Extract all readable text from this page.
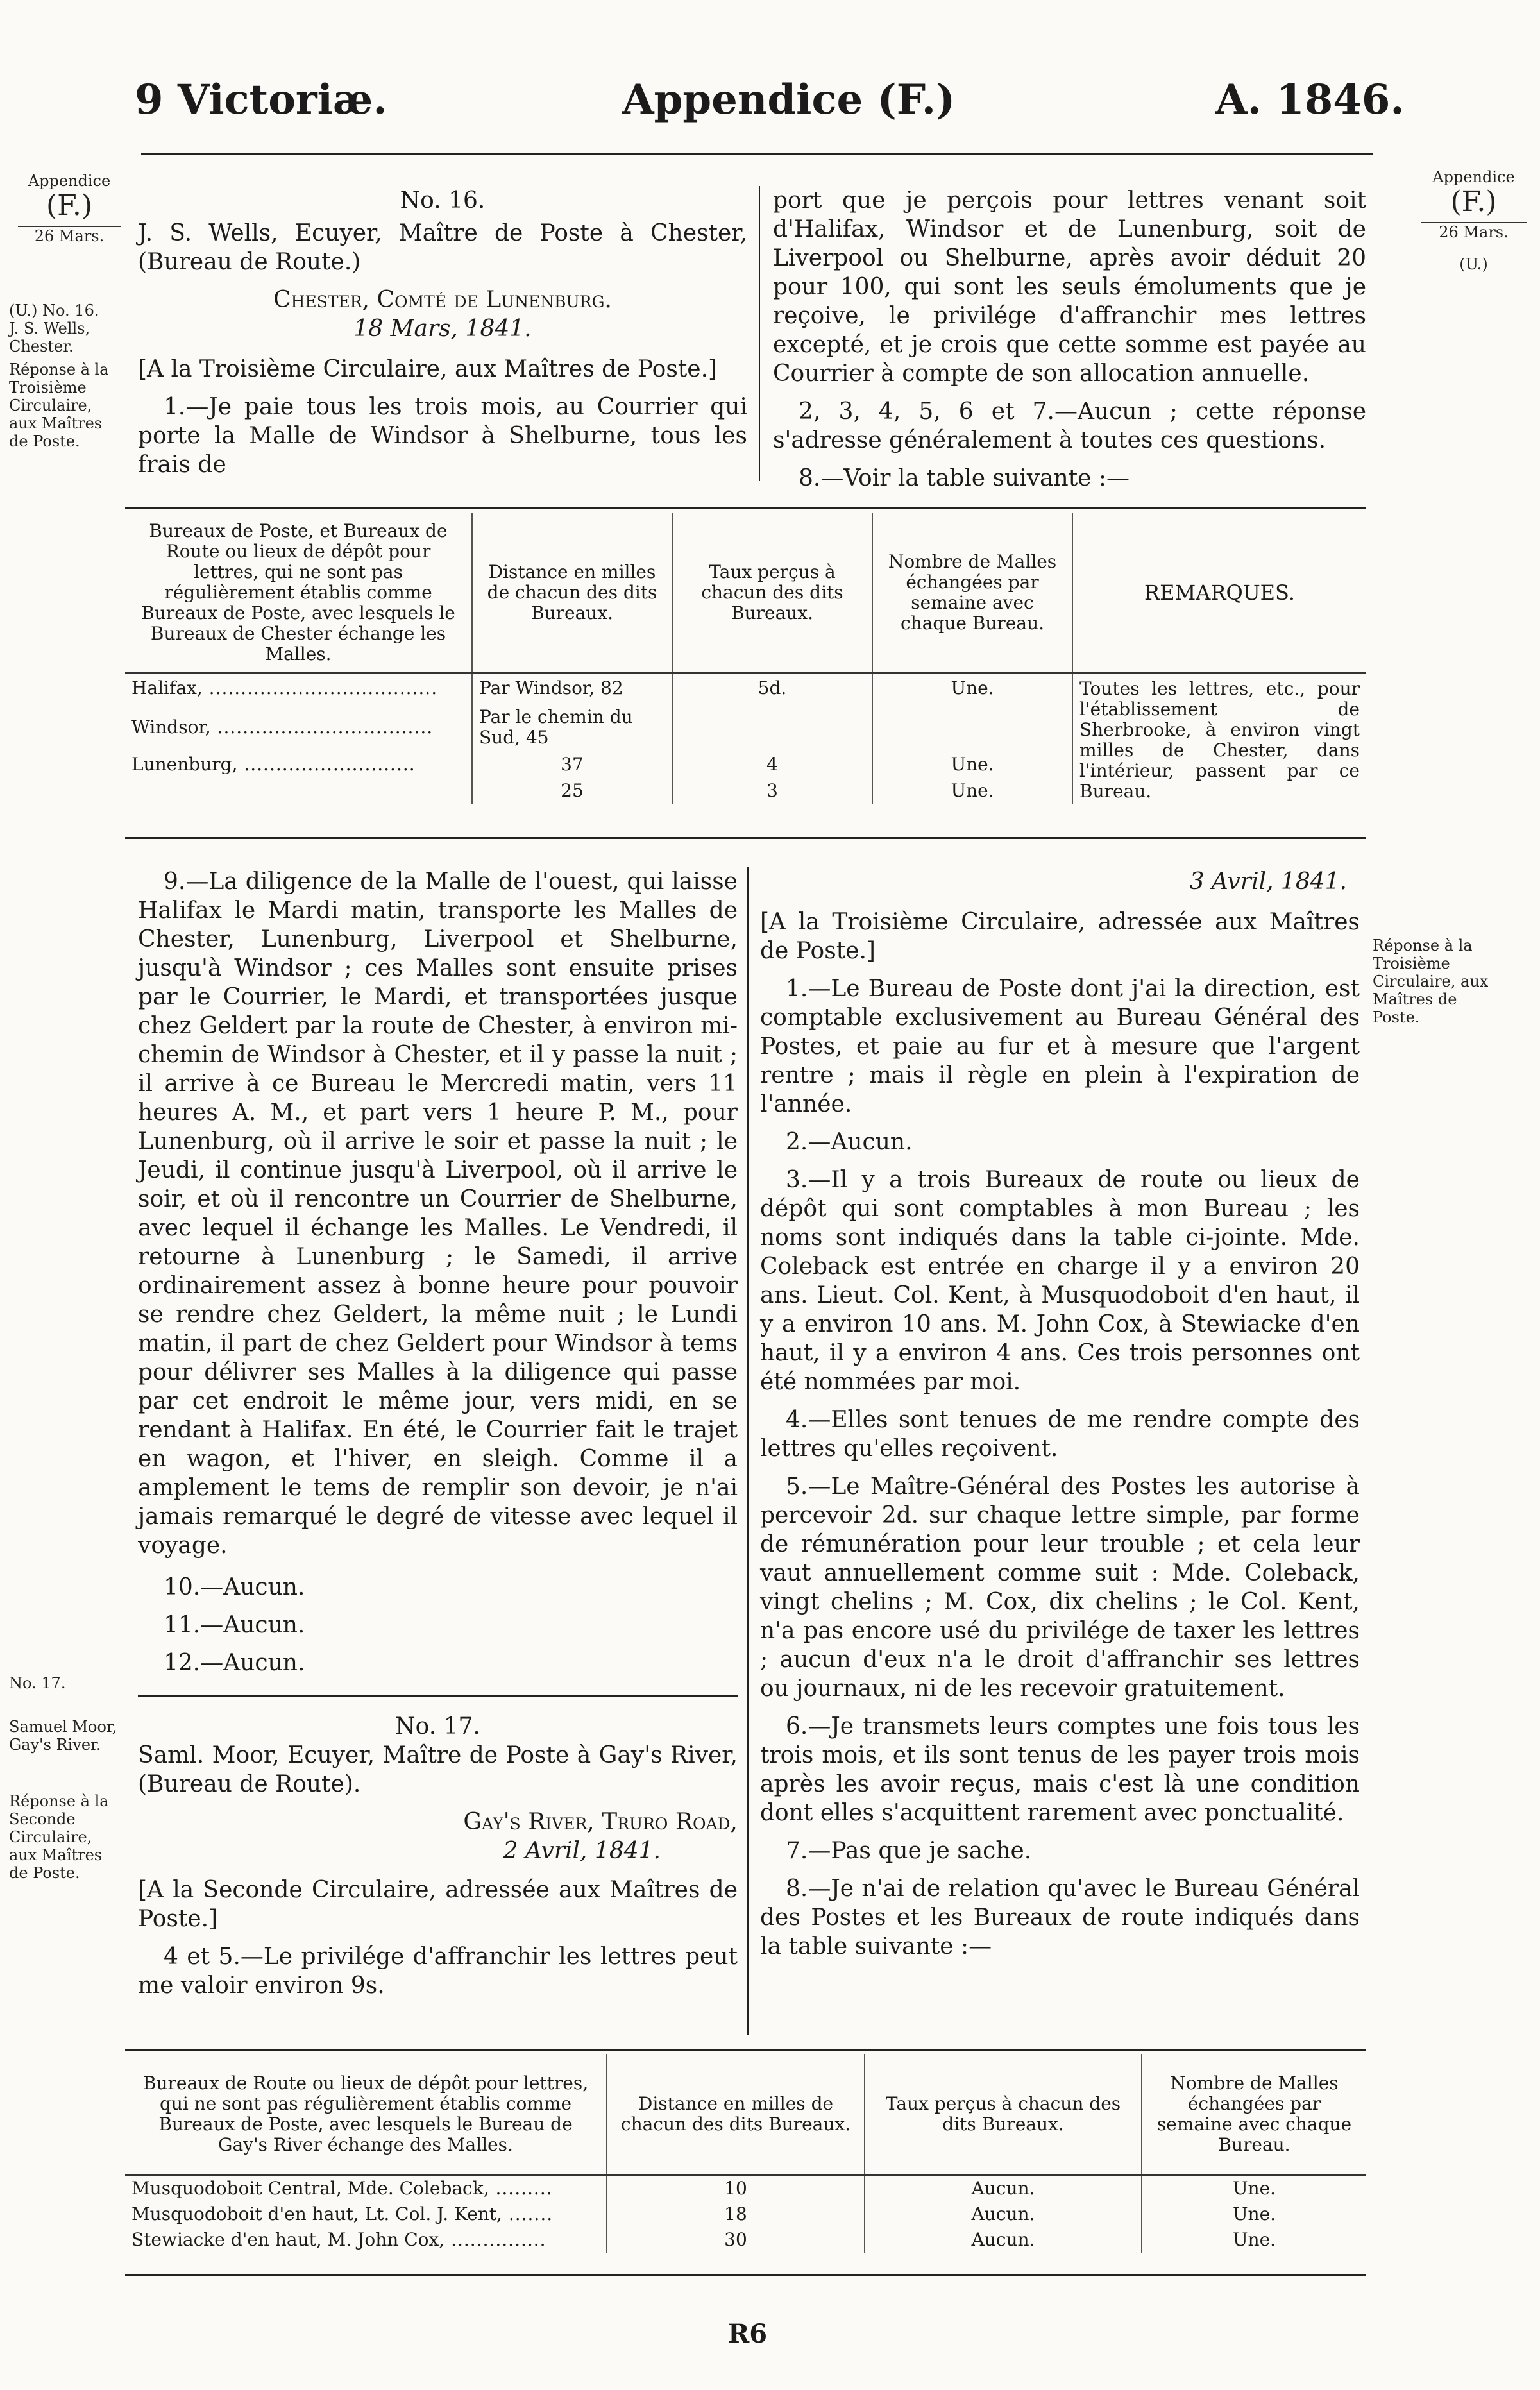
9 Victoriæ.	Appendice (F.)	A. 1846.
Appendice
(F.)
26 Mars.
(U.) No. 16.
J. S. Wells, Chester.
Réponse à la Troisième Circulaire, aux Maîtres de Poste.
No. 17.
Samuel Moor, Gay's River.
Réponse à la Seconde Circulaire, aux Maîtres de Poste.
Appendice
(F.)
26 Mars.
(U.)
Réponse à la Troisième Circulaire, aux Maîtres de Poste.
No. 16.

J. S. Wells, Ecuyer, Maître de Poste à Chester, (Bureau de Route.)

Chester, Comté de Lunenburg.
18 Mars, 1841.

[A la Troisième Circulaire, aux Maîtres de Poste.]

1.—Je paie tous les trois mois, au Courrier qui porte la Malle de Windsor à Shelburne, tous les frais de

port que je perçois pour lettres venant soit d'Halifax, Windsor et de Lunenburg, soit de Liverpool ou Shelburne, après avoir déduit 20 pour 100, qui sont les seuls émoluments que je reçoive, le privilége d'affranchir mes lettres excepté, et je crois que cette somme est payée au Courrier à compte de son allocation annuelle.

2, 3, 4, 5, 6 et 7.—Aucun ; cette réponse s'adresse généralement à toutes ces questions.

8.—Voir la table suivante :—

Bureaux de Poste, et Bureaux de Route ou lieux de dépôt pour lettres, qui ne sont pas régulièrement établis comme Bureaux de Poste, avec lesquels le Bureaux de Chester échange les Malles.	Distance en milles de chacun des dits Bureaux.	Taux perçus à chacun des dits Bureaux.	Nombre de Malles échangées par semaine avec chaque Bureau.	REMARQUES.
Halifax, ....................................	Par Windsor, 82	5d.	Une.	Toutes les lettres, etc., pour l'établissement de Sherbrooke, à environ vingt milles de Chester, dans l'intérieur, passent par ce Bureau.
Windsor, ..................................	Par le chemin du Sud, 45			
Lunenburg, ...........................	37	4	Une.	
	25	3	Une.	

9.—La diligence de la Malle de l'ouest, qui laisse Halifax le Mardi matin, transporte les Malles de Chester, Lunenburg, Liverpool et Shelburne, jusqu'à Windsor ; ces Malles sont ensuite prises par le Courrier, le Mardi, et transportées jusque chez Geldert par la route de Chester, à environ mi-chemin de Windsor à Chester, et il y passe la nuit ; il arrive à ce Bureau le Mercredi matin, vers 11 heures A. M., et part vers 1 heure P. M., pour Lunenburg, où il arrive le soir et passe la nuit ; le Jeudi, il continue jusqu'à Liverpool, où il arrive le soir, et où il rencontre un Courrier de Shelburne, avec lequel il échange les Malles. Le Vendredi, il retourne à Lunenburg ; le Samedi, il arrive ordinairement assez à bonne heure pour pouvoir se rendre chez Geldert, la même nuit ; le Lundi matin, il part de chez Geldert pour Windsor à tems pour délivrer ses Malles à la diligence qui passe par cet endroit le même jour, vers midi, en se rendant à Halifax. En été, le Courrier fait le trajet en wagon, et l'hiver, en sleigh. Comme il a amplement le tems de remplir son devoir, je n'ai jamais remarqué le degré de vitesse avec lequel il voyage.

10.—Aucun.

11.—Aucun.

12.—Aucun.

No. 17.

Saml. Moor, Ecuyer, Maître de Poste à Gay's River, (Bureau de Route).

Gay's River, Truro Road,
2 Avril, 1841.

[A la Seconde Circulaire, adressée aux Maîtres de Poste.]

4 et 5.—Le privilége d'affranchir les lettres peut me valoir environ 9s.

3 Avril, 1841.

[A la Troisième Circulaire, adressée aux Maîtres de Poste.]

1.—Le Bureau de Poste dont j'ai la direction, est comptable exclusivement au Bureau Général des Postes, et paie au fur et à mesure que l'argent rentre ; mais il règle en plein à l'expiration de l'année.

2.—Aucun.

3.—Il y a trois Bureaux de route ou lieux de dépôt qui sont comptables à mon Bureau ; les noms sont indiqués dans la table ci-jointe. Mde. Coleback est entrée en charge il y a environ 20 ans. Lieut. Col. Kent, à Musquodoboit d'en haut, il y a environ 10 ans. M. John Cox, à Stewiacke d'en haut, il y a environ 4 ans. Ces trois personnes ont été nommées par moi.

4.—Elles sont tenues de me rendre compte des lettres qu'elles reçoivent.

5.—Le Maître-Général des Postes les autorise à percevoir 2d. sur chaque lettre simple, par forme de rémunération pour leur trouble ; et cela leur vaut annuellement comme suit : Mde. Coleback, vingt chelins ; M. Cox, dix chelins ; le Col. Kent, n'a pas encore usé du privilége de taxer les lettres ; aucun d'eux n'a le droit d'affranchir ses lettres ou journaux, ni de les recevoir gratuitement.

6.—Je transmets leurs comptes une fois tous les trois mois, et ils sont tenus de les payer trois mois après les avoir reçus, mais c'est là une condition dont elles s'acquittent rarement avec ponctualité.

7.—Pas que je sache.

8.—Je n'ai de relation qu'avec le Bureau Général des Postes et les Bureaux de route indiqués dans la table suivante :—

Bureaux de Route ou lieux de dépôt pour lettres, qui ne sont pas régulièrement établis comme Bureaux de Poste, avec lesquels le Bureau de Gay's River échange des Malles.	Distance en milles de chacun des dits Bureaux.	Taux perçus à chacun des dits Bureaux.	Nombre de Malles échangées par semaine avec chaque Bureau.
Musquodoboit Central, Mde. Coleback, .........	10	Aucun.	Une.
Musquodoboit d'en haut, Lt. Col. J. Kent, .......	18	Aucun.	Une.
Stewiacke d'en haut, M. John Cox, ...............	30	Aucun.	Une.
R6
